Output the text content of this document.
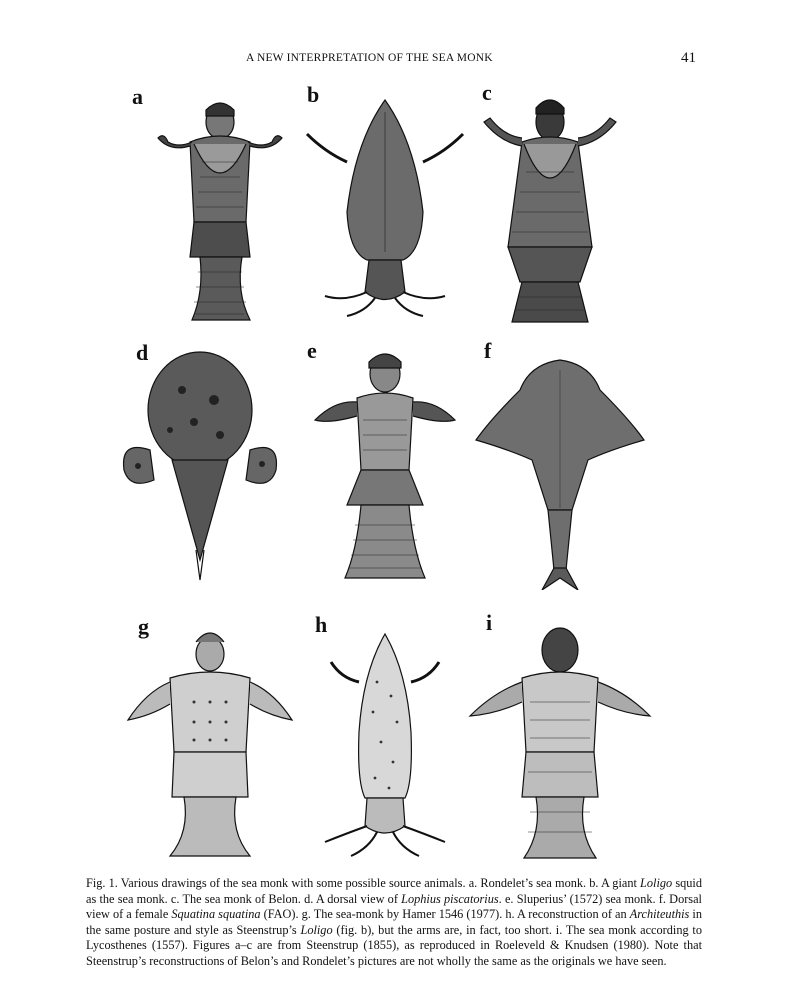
A NEW INTERPRETATION OF THE SEA MONK	41
a	b	c
d	e	f
g	h	i
Fig. 1. Various drawings of the sea monk with some possible source animals. a. Rondelet’s sea monk. b. A giant Loligo squid as the sea monk. c. The sea monk of Belon. d. A dorsal view of Lophius piscatorius. e. Sluperius’ (1572) sea monk. f. Dorsal view of a female Squatina squatina (FAO). g. The sea-monk by Hamer 1546 (1977). h. A reconstruction of an Architeuthis in the same posture and style as Steenstrup’s Loligo (fig. b), but the arms are, in fact, too short. i. The sea monk according to Lycosthenes (1557). Figures a–c are from Steenstrup (1855), as reproduced in Roeleveld & Knudsen (1980). Note that Steenstrup’s reconstructions of Belon’s and Rondelet’s pictures are not wholly the same as the originals we have seen.
